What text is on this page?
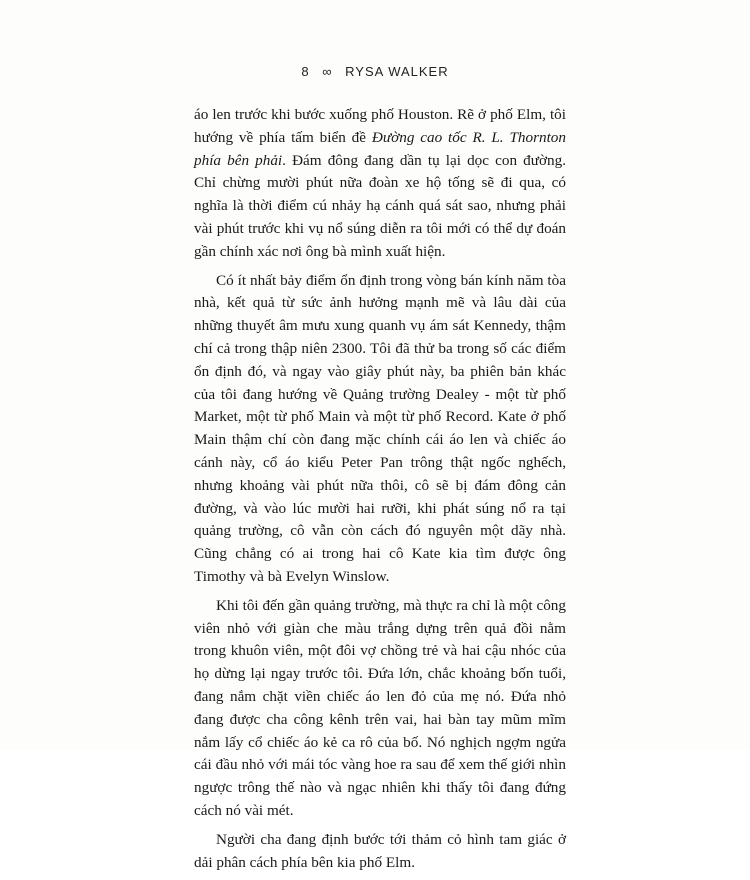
8 ∞ RYSA WALKER

áo len trước khi bước xuống phố Houston. Rẽ ở phố Elm, tôi hướng về phía tấm biển đề Đường cao tốc R. L. Thornton phía bên phải. Đám đông đang dần tụ lại dọc con đường. Chỉ chừng mười phút nữa đoàn xe hộ tống sẽ đi qua, có nghĩa là thời điểm cú nhảy hạ cánh quá sát sao, nhưng phải vài phút trước khi vụ nổ súng diễn ra tôi mới có thể dự đoán gần chính xác nơi ông bà mình xuất hiện.

Có ít nhất bảy điểm ổn định trong vòng bán kính năm tòa nhà, kết quả từ sức ảnh hưởng mạnh mẽ và lâu dài của những thuyết âm mưu xung quanh vụ ám sát Kennedy, thậm chí cả trong thập niên 2300. Tôi đã thử ba trong số các điểm ổn định đó, và ngay vào giây phút này, ba phiên bản khác của tôi đang hướng về Quảng trường Dealey - một từ phố Market, một từ phố Main và một từ phố Record. Kate ở phố Main thậm chí còn đang mặc chính cái áo len và chiếc áo cánh này, cổ áo kiểu Peter Pan trông thật ngốc nghếch, nhưng khoảng vài phút nữa thôi, cô sẽ bị đám đông cản đường, và vào lúc mười hai rưỡi, khi phát súng nổ ra tại quảng trường, cô vẫn còn cách đó nguyên một dãy nhà. Cũng chẳng có ai trong hai cô Kate kia tìm được ông Timothy và bà Evelyn Winslow.

Khi tôi đến gần quảng trường, mà thực ra chỉ là một công viên nhỏ với giàn che màu trắng dựng trên quả đồi nằm trong khuôn viên, một đôi vợ chồng trẻ và hai cậu nhóc của họ dừng lại ngay trước tôi. Đứa lớn, chắc khoảng bốn tuổi, đang nắm chặt viền chiếc áo len đỏ của mẹ nó. Đứa nhỏ đang được cha công kênh trên vai, hai bàn tay mũm mĩm nắm lấy cổ chiếc áo kẻ ca rô của bố. Nó nghịch ngợm ngửa cái đầu nhỏ với mái tóc vàng hoe ra sau để xem thế giới nhìn ngược trông thế nào và ngạc nhiên khi thấy tôi đang đứng cách nó vài mét.

Người cha đang định bước tới thảm cỏ hình tam giác ở dải phân cách phía bên kia phố Elm.
